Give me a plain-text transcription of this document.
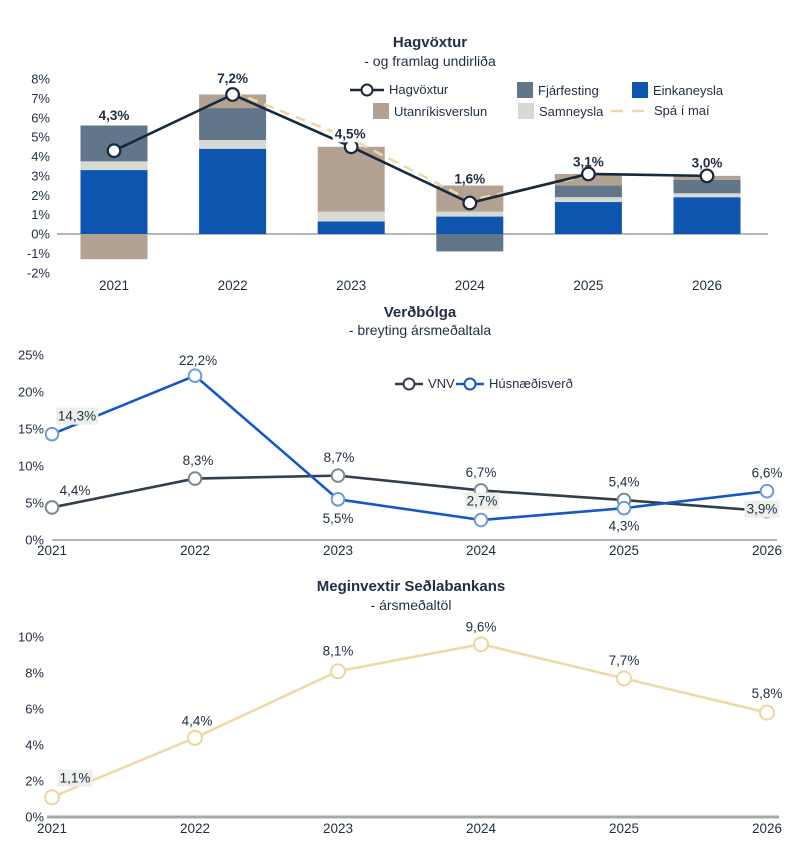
-2%
-1%
0%
1%
2%
3%
4%
5%
6%
7%
8%
2021	2022	2023	2024	2025	2026
4,3%
7,2%
4,5%
1,6%
3,1%	3,0%
0%
5%
10%
15%
20%
25%
2021	2022	2023	2024	2025	2026
4,4%
8,3%	8,7%
6,7%
5,4%
3,9%
14,3%
22,2%
5,5%
2,7%
4,3%
6,6%
0%
2%
4%
6%
8%
10%
2021	2022	2023	2024	2025	2026
1,1%
4,4%
8,1%
9,6%
7,7%
5,8%
Hagvöxtur
- og framlag undirliða
Hagvöxtur	Fjárfesting	Einkaneysla
Utanríkisverslun	Samneysla	Spá í maí
Verðbólga
- breyting ársmeðaltala
VNV	Húsnæðisverð
Meginvextir Seðlabankans
- ársmeðaltöl
